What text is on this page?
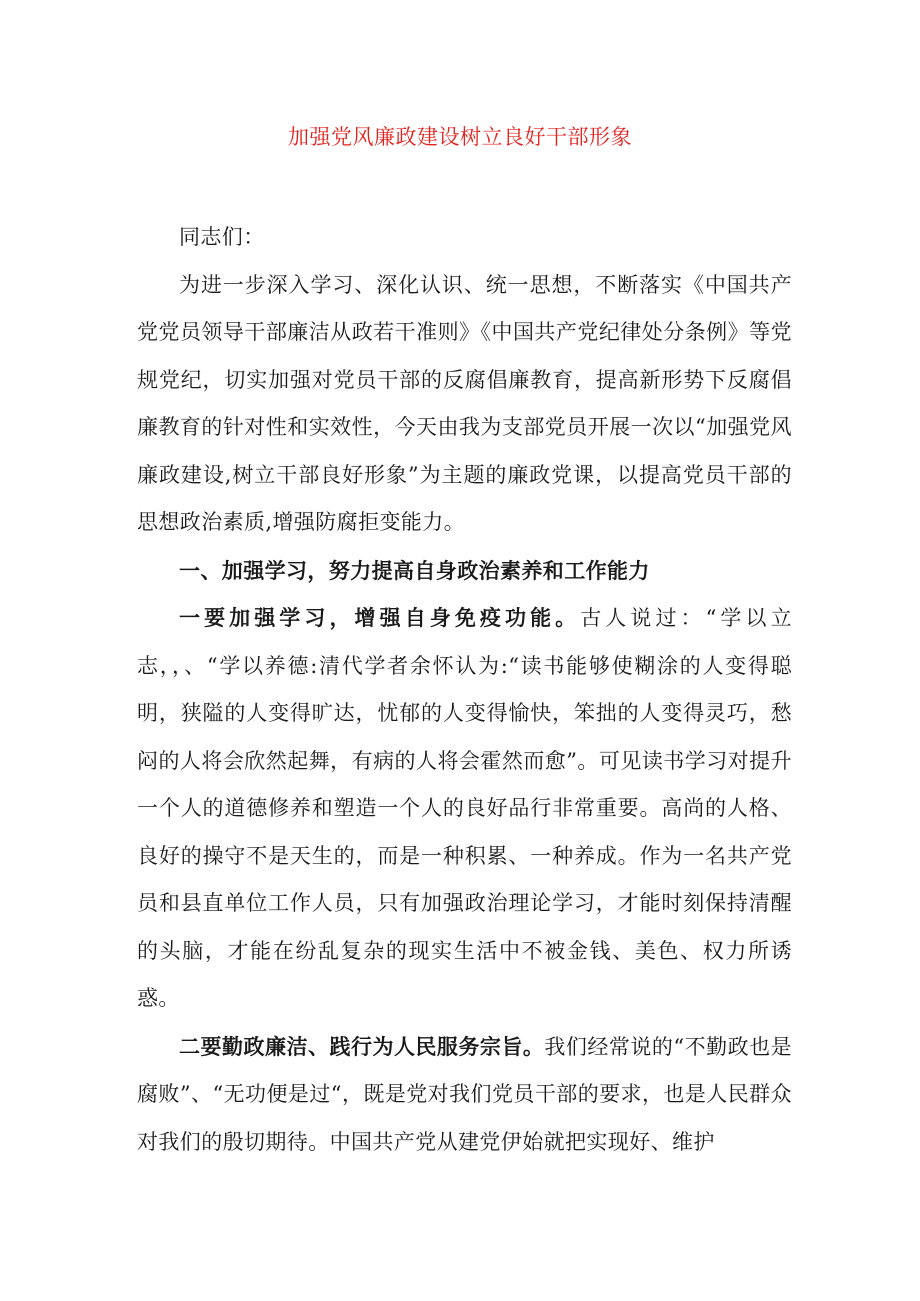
加强党风廉政建设树立良好干部形象

同志们：

为进一步深入学习、深化认识、统一思想，不断落实《中国共产党党员领导干部廉洁从政若干准则》《中国共产党纪律处分条例》等党规党纪，切实加强对党员干部的反腐倡廉教育，提高新形势下反腐倡廉教育的针对性和实效性，今天由我为支部党员开展一次以“加强党风廉政建设,树立干部良好形象”为主题的廉政党课，以提高党员干部的思想政治素质,增强防腐拒变能力。

一、加强学习，努力提高自身政治素养和工作能力

一要加强学习，增强自身免疫功能。古人说过：“学以立志，，、“学以养德:清代学者余怀认为:“读书能够使糊涂的人变得聪明，狭隘的人变得旷达，忧郁的人变得愉快，笨拙的人变得灵巧，愁闷的人将会欣然起舞，有病的人将会霍然而愈”。可见读书学习对提升一个人的道德修养和塑造一个人的良好品行非常重要。高尚的人格、良好的操守不是天生的，而是一种积累、一种养成。作为一名共产党员和县直单位工作人员，只有加强政治理论学习，才能时刻保持清醒的头脑，才能在纷乱复杂的现实生活中不被金钱、美色、权力所诱惑。

二要勤政廉洁、践行为人民服务宗旨。我们经常说的“不勤政也是腐败”、“无功便是过“，既是党对我们党员干部的要求，也是人民群众对我们的殷切期待。中国共产党从建党伊始就把实现好、维护
